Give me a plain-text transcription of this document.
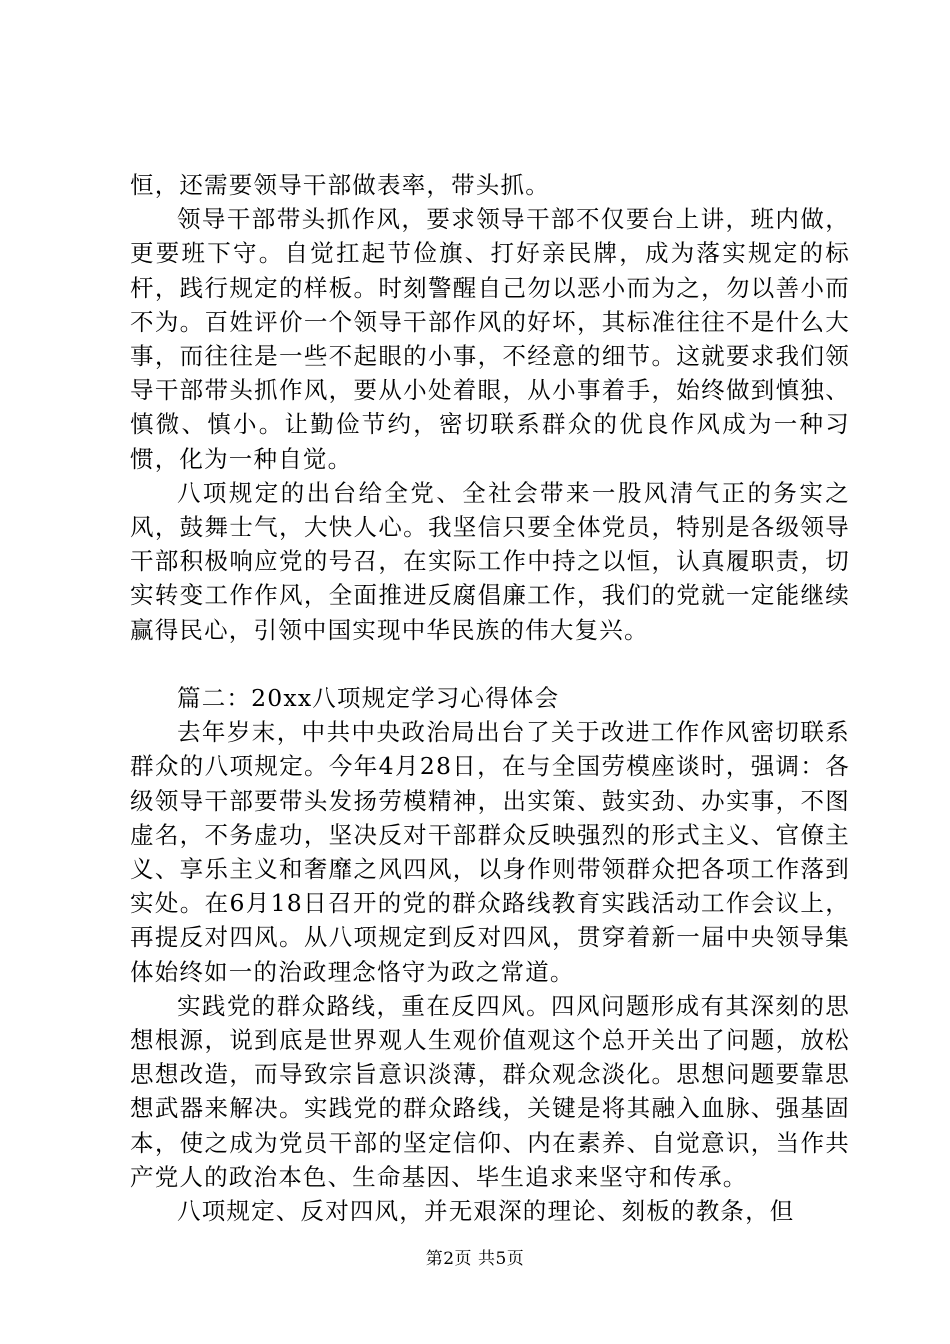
恒，还需要领导干部做表率，带头抓。

领导干部带头抓作风，要求领导干部不仅要台上讲，班内做，更要班下守。自觉扛起节俭旗、打好亲民牌，成为落实规定的标杆，践行规定的样板。时刻警醒自己勿以恶小而为之，勿以善小而不为。百姓评价一个领导干部作风的好坏，其标准往往不是什么大事，而往往是一些不起眼的小事，不经意的细节。这就要求我们领导干部带头抓作风，要从小处着眼，从小事着手，始终做到慎独、慎微、慎小。让勤俭节约，密切联系群众的优良作风成为一种习惯，化为一种自觉。

八项规定的出台给全党、全社会带来一股风清气正的务实之风，鼓舞士气，大快人心。我坚信只要全体党员，特别是各级领导干部积极响应党的号召，在实际工作中持之以恒，认真履职责，切实转变工作作风，全面推进反腐倡廉工作，我们的党就一定能继续赢得民心，引领中国实现中华民族的伟大复兴。

篇二：20xx八项规定学习心得体会

去年岁末，中共中央政治局出台了关于改进工作作风密切联系群众的八项规定。今年4月28日，在与全国劳模座谈时，强调：各级领导干部要带头发扬劳模精神，出实策、鼓实劲、办实事，不图虚名，不务虚功，坚决反对干部群众反映强烈的形式主义、官僚主义、享乐主义和奢靡之风四风，以身作则带领群众把各项工作落到实处。在6月18日召开的党的群众路线教育实践活动工作会议上，再提反对四风。从八项规定到反对四风，贯穿着新一届中央领导集体始终如一的治政理念恪守为政之常道。

实践党的群众路线，重在反四风。四风问题形成有其深刻的思想根源，说到底是世界观人生观价值观这个总开关出了问题，放松思想改造，而导致宗旨意识淡薄，群众观念淡化。思想问题要靠思想武器来解决。实践党的群众路线，关键是将其融入血脉、强基固本，使之成为党员干部的坚定信仰、内在素养、自觉意识，当作共产党人的政治本色、生命基因、毕生追求来坚守和传承。

八项规定、反对四风，并无艰深的理论、刻板的教条，但

第2页 共5页
